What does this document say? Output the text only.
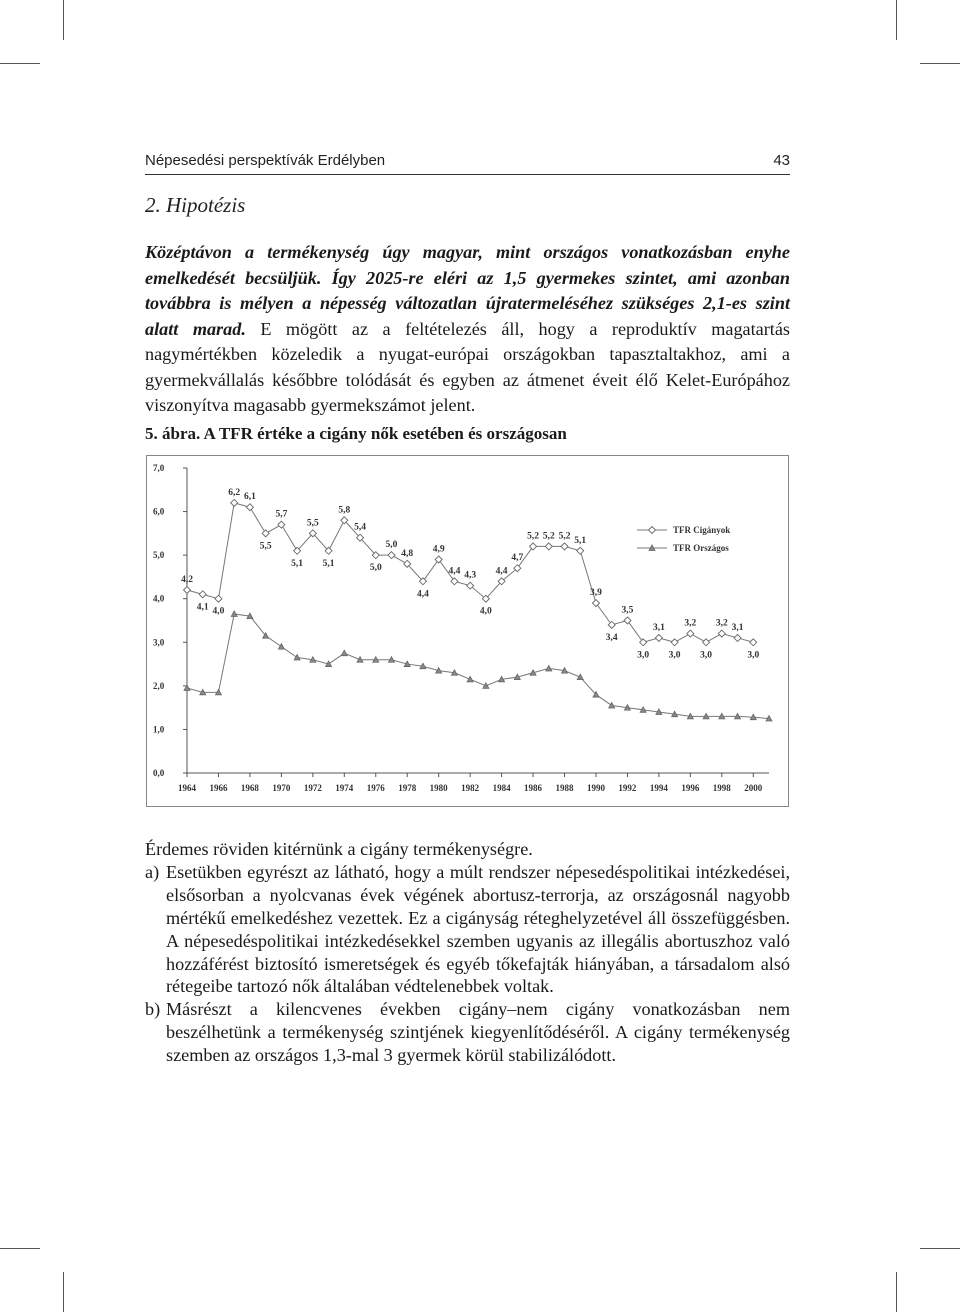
Népesedési perspektívák Erdélyben	43
2. Hipotézis
Középtávon a termékenység úgy magyar, mint országos vonatkozásban enyhe emelkedését becsüljük. Így 2025-re eléri az 1,5 gyermekes szintet, ami azonban továbbra is mélyen a népesség változatlan újratermeléséhez szükséges 2,1-es szint alatt marad. E mögött az a feltételezés áll, hogy a reproduktív magatartás nagymértékben közeledik a nyugat-európai országokban tapasztaltakhoz, ami a gyermekvállalás későbbre tolódását és egyben az átmenet éveit élő Kelet-Európához viszonyítva magasabb gyermekszámot jelent.
5. ábra. A TFR értéke a cigány nők esetében és országosan
0,0
1,0
2,0
3,0
4,0
5,0
6,0
7,0
1964 1966 1968 1970 1972 1974 1976 1978 1980 1982 1984 1986 1988 1990 1992 1994 1996 1998 2000
4,2
4,1 4,0
6,2 6,1
5,5
5,7
5,1
5,5
5,1
5,8
5,4
5,0
5,0
4,8
4,4
4,9
4,4 4,3
4,0
4,4
4,7
5,2 5,2 5,2 5,1
3,9
3,4
3,5
3,0
3,1
3,0
3,2
3,0
3,2 3,1
3,0
TFR Cigányok
TFR Országos

Érdemes röviden kitérnünk a cigány termékenységre.

a) Esetükben egyrészt az látható, hogy a múlt rendszer népesedéspolitikai intézkedései, elsősorban a nyolcvanas évek végének abortusz-terrorja, az országosnál nagyobb mértékű emelkedéshez vezettek. Ez a cigányság réteghelyzetével áll összefüggésben. A népesedéspolitikai intézkedésekkel szemben ugyanis az illegális abortuszhoz való hozzáférést biztosító ismeretségek és egyéb tőkefajták hiányában, a társadalom alsó rétegeibe tartozó nők általában védtelenebbek voltak.
b) Másrészt a kilencvenes években cigány–nem cigány vonatkozásban nem beszélhetünk a termékenység szintjének kiegyenlítődéséről. A cigány termékenység szemben az országos 1,3-mal 3 gyermek körül stabilizálódott.
